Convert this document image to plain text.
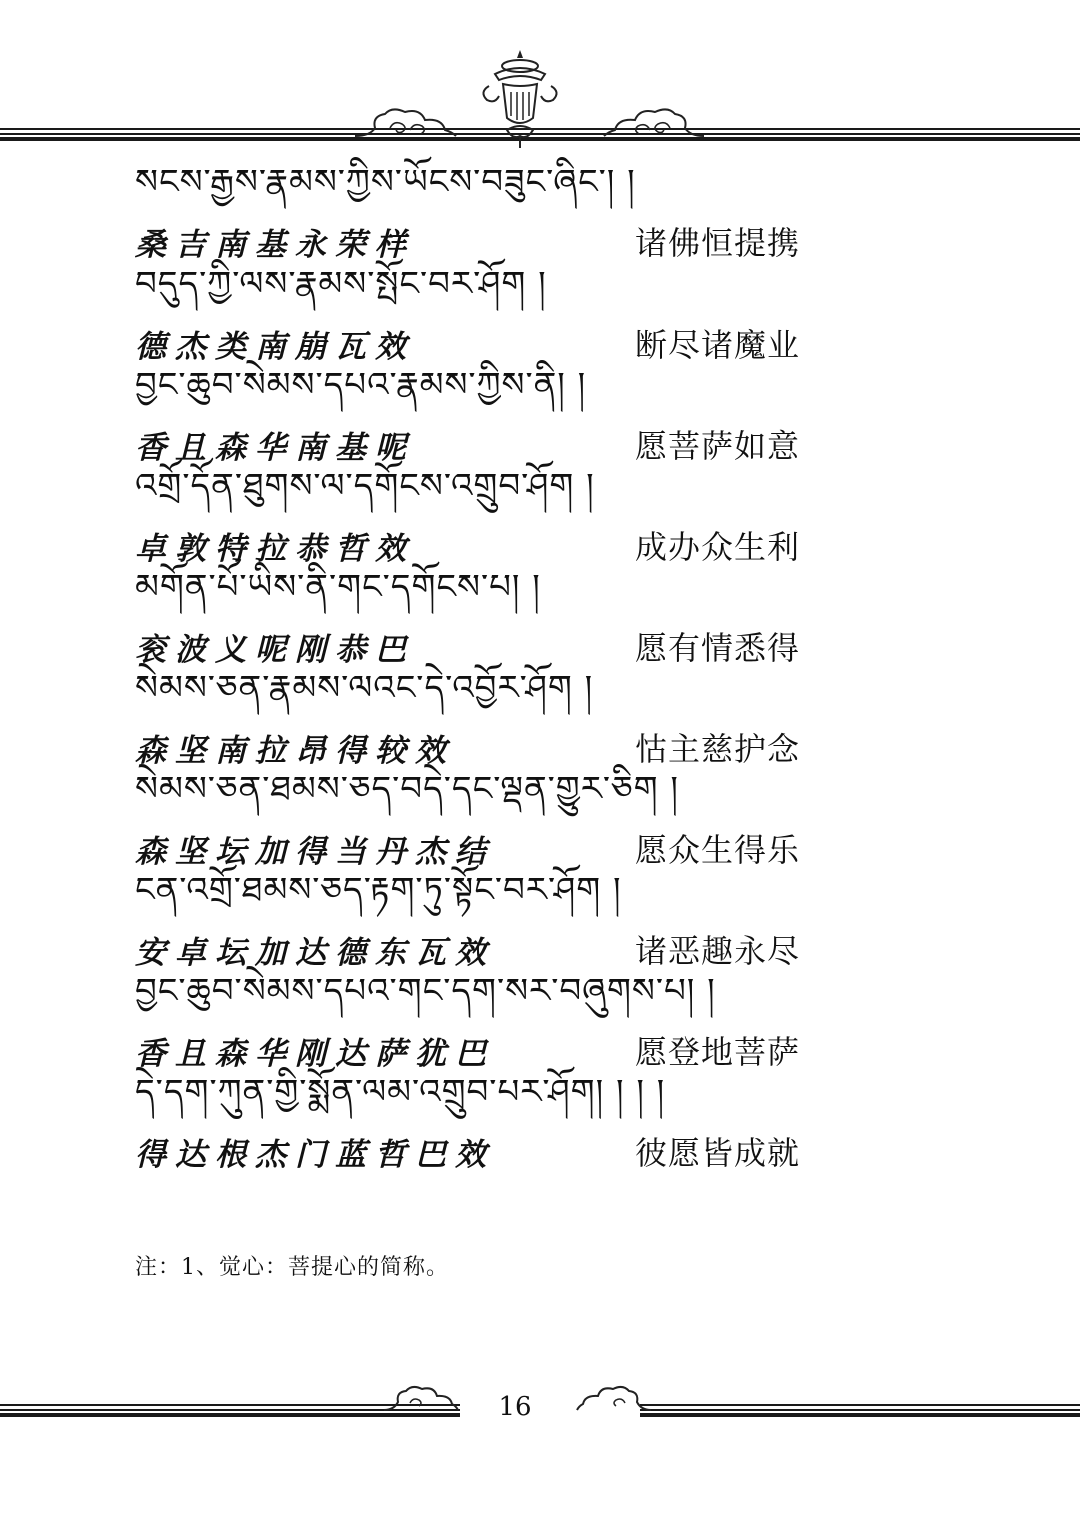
སངས་རྒྱས་རྣམས་ཀྱིས་ཡོངས་བཟུང་ཞིང་། །
桑吉南基永荣样	诸佛恒提携
བདུད་ཀྱི་ལས་རྣམས་སྤོང་བར་ཤོག །
德杰类南崩瓦效	断尽诸魔业
བྱང་ཆུབ་སེམས་དཔའ་རྣམས་ཀྱིས་ནི། །
香且森华南基呢	愿菩萨如意
འགྲོ་དོན་ཐུགས་ལ་དགོངས་འགྲུབ་ཤོག །
卓敦特拉恭哲效	成办众生利
མགོན་པོ་ཡིས་ནི་གང་དགོངས་པ། །
衮波义呢刚恭巴	愿有情悉得
སེམས་ཅན་རྣམས་ལའང་དེ་འབྱོར་ཤོག །
森坚南拉昂得较效	怙主慈护念
སེམས་ཅན་ཐམས་ཅད་བདེ་དང་ལྡན་གྱུར་ཅིག །
森坚坛加得当丹杰结	愿众生得乐
ངན་འགྲོ་ཐམས་ཅད་རྟག་ཏུ་སྟོང་བར་ཤོག །
安卓坛加达德东瓦效	诸恶趣永尽
བྱང་ཆུབ་སེམས་དཔའ་གང་དག་སར་བཞུགས་པ། །
香且森华刚达萨犹巴	愿登地菩萨
དེ་དག་ཀུན་གྱི་སྨོན་ལམ་འགྲུབ་པར་ཤོག། ། ། །
得达根杰门蓝哲巴效	彼愿皆成就
注：1、觉心：菩提心的简称。
16
